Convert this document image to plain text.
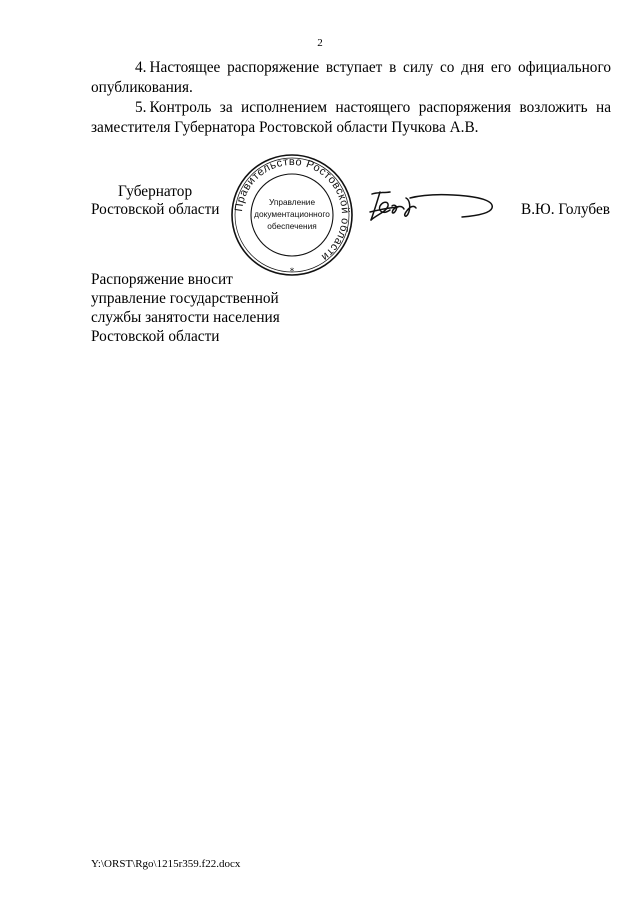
2

4. Настоящее распоряжение вступает в силу со дня его официального опубликования.

5. Контроль за исполнением настоящего распоряжения возложить на заместителя Губернатора Ростовской области Пучкова А.В.

Губернатор
Ростовской области Правительство Ростовской области
Управление
документационного
обеспечения
*
В.Ю. Голубев
Распоряжение вносит
управление государственной
службы занятости населения
Ростовской области
Y:\ORST\Rgo\1215r359.f22.docx
